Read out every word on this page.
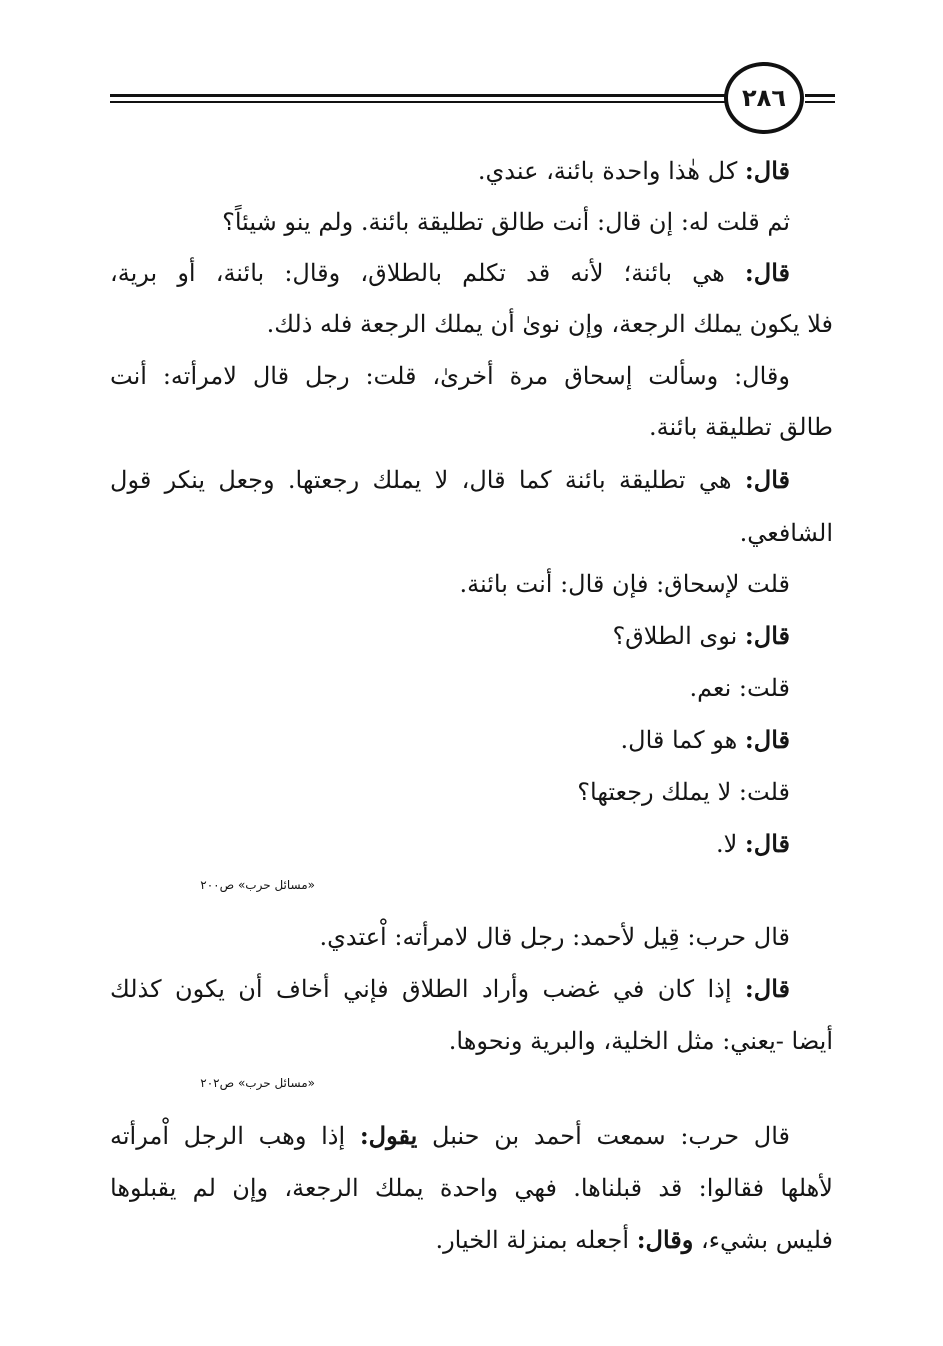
٢٨٦
قال: كل هٰذا واحدة بائنة، عندي.
ثم قلت له: إن قال: أنت طالق تطليقة بائنة. ولم ينو شيئاً؟
قال: هي بائنة؛ لأنه قد تكلم بالطلاق، وقال: بائنة، أو برية،
فلا يكون يملك الرجعة، وإن نوىٰ أن يملك الرجعة فله ذلك.
وقال: وسألت إسحاق مرة أخرىٰ، قلت: رجل قال لامرأته: أنت
طالق تطليقة بائنة.
قال: هي تطليقة بائنة كما قال، لا يملك رجعتها. وجعل ينكر قول
الشافعي.
قلت لإسحاق: فإن قال: أنت بائنة.
قال: نوى الطلاق؟
قلت: نعم.
قال: هو كما قال.
قلت: لا يملك رجعتها؟
قال: لا.
«مسائل حرب» ص٢٠٠
قال حرب: قِيل لأحمد: رجل قال لامرأته: اْعتدي.
قال: إذا كان في غضب وأراد الطلاق فإني أخاف أن يكون كذلك
أيضا -يعني: مثل الخلية، والبرية ونحوها.
«مسائل حرب» ص٢٠٢
قال حرب: سمعت أحمد بن حنبل يقول: إذا وهب الرجل اْمرأته
لأهلها فقالوا: قد قبلناها. فهي واحدة يملك الرجعة، وإن لم يقبلوها
فليس بشيء، وقال: أجعله بمنزلة الخيار.
